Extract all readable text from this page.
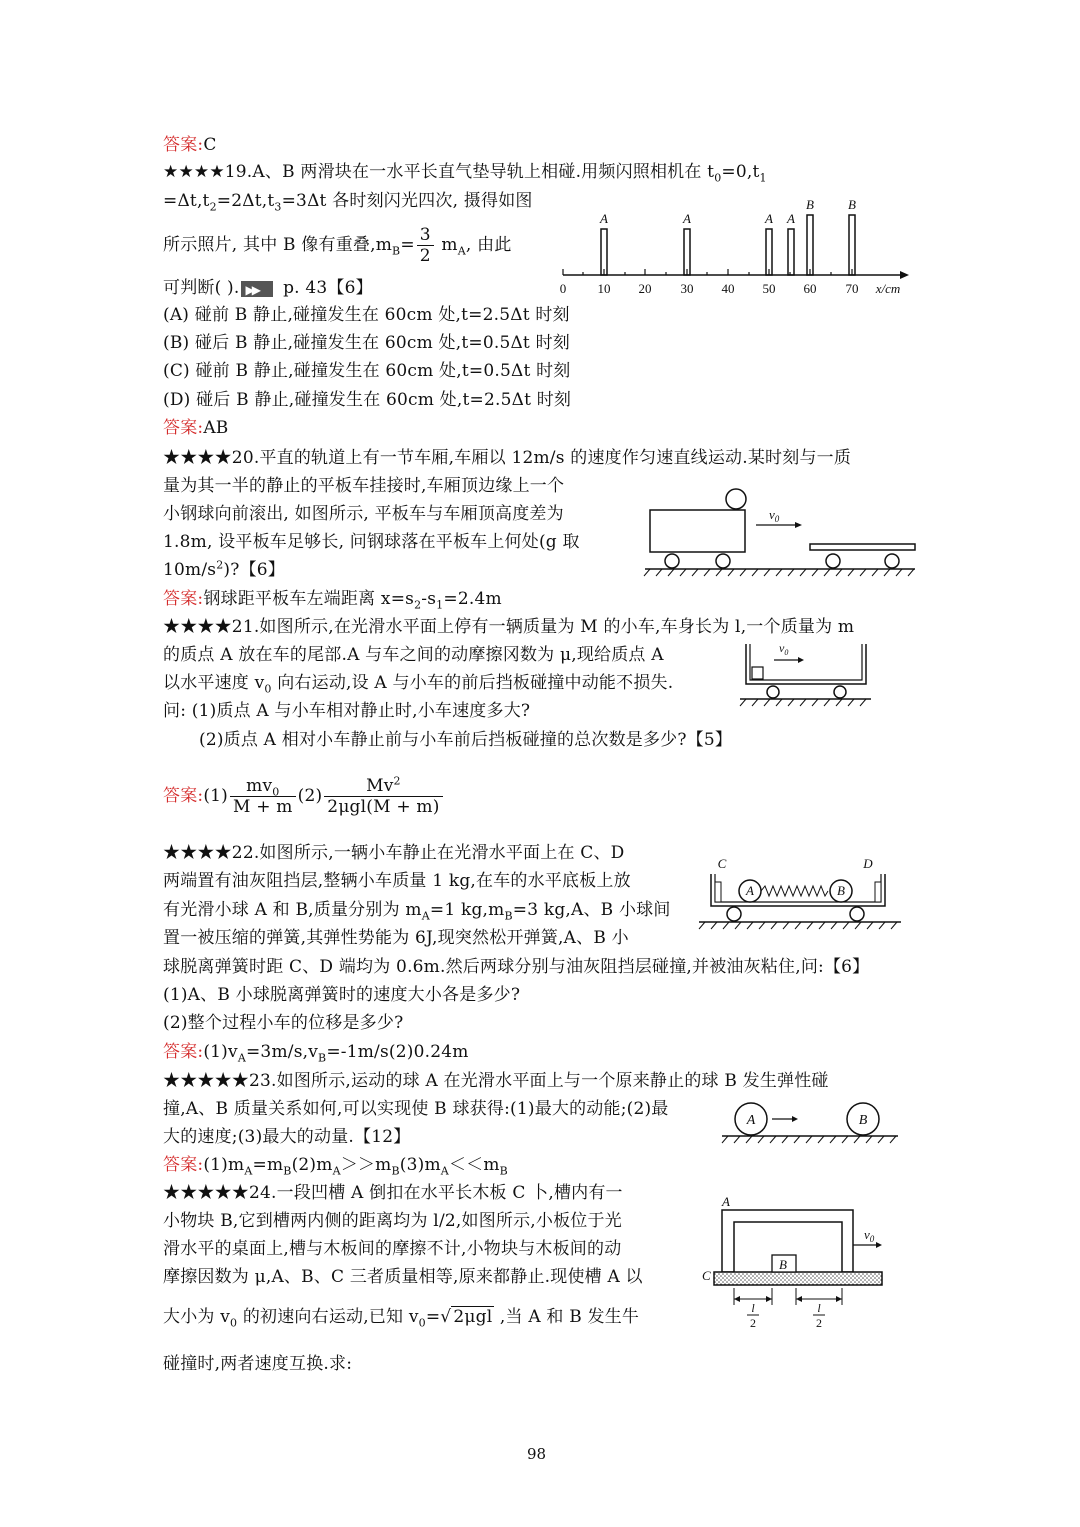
答案:C
★★★★19.A、B 两滑块在一水平长直气垫导轨上相碰.用频闪照相机在 $t_0=0,t_1$
$=\Delta t,t_2=2\Delta t,t_3=3\Delta t$ 各时刻闪光四次, 摄得如图
所示照片, 其中 B 像有重叠$,m_B= \frac{3}{2} m_A$, 由此
可判断( ).▶▶ p. 43【6】
(A) 碰前 B 静止,碰撞发生在 60cm 处,t=2.5Δt 时刻
(B) 碰后 B 静止,碰撞发生在 60cm 处,t=0.5Δt 时刻
(C) 碰前 B 静止,碰撞发生在 60cm 处,t=0.5Δt 时刻
(D) 碰后 B 静止,碰撞发生在 60cm 处,t=2.5Δt 时刻
答案:AB
A	A	A A
B	B
0 10 20 30 40 50 60 70 x/cm
★★★★20.平直的轨道上有一节车厢,车厢以 12m/s 的速度作匀速直线运动.某时刻与一质
量为其一半的静止的平板车挂接时,车厢顶边缘上一个
小钢球向前滚出, 如图所示, 平板车与车厢顶高度差为
1.8m, 设平板车足够长, 问钢球落在平板车上何处(g 取
$10m/s^2$)?【6】
答案:钢球距平板车左端距离 $x=s_2-s_1=2.4m$
$v_0$
★★★★21.如图所示,在光滑水平面上停有一辆质量为 M 的小车,车身长为 l,一个质量为 m
的质点 A 放在车的尾部.A 与车之间的动摩擦冈数为 μ,现给质点 A
以水平速度 $v_0$ 向右运动,设 A 与小车的前后挡板碰撞中动能不损失.
问: (1)质点 A 与小车相对静止时,小车速度多大?
(2)质点 A 相对小车静止前与小车前后挡板碰撞的总次数是多少?【5】
答案:(1) $\frac{mv_0}{M + m} (2) \frac{Mv^2}{\text{2μgl(M + m)}}$
$v_0$
★★★★22.如图所示,一辆小车静止在光滑水平面上在 C、D
两端置有油灰阻挡层,整辆小车质量 1 kg,在车的水平底板上放
有光滑小球 A 和 B,质量分别为 $m_A=1$ $kg,m_B=3$ kg,A、B 小球间
置一被压缩的弹簧,其弹性势能为 6J,现突然松开弹簧,A、B 小
球脱离弹簧时距 C、D 端均为 0.6m.然后两球分别与油灰阻挡层碰撞,并被油灰粘住,问:【6】
(1)A、B 小球脱离弹簧时的速度大小各是多少?
(2)整个过程小车的位移是多少?
答案$:(1)v_A=3m/s,v_B=-1m/s(2)0.24m$
A	B
C	D
★★★★★23.如图所示,运动的球 A 在光滑水平面上与一个原来静止的球 B 发生弹性碰
撞,A、B 质量关系如何,可以实现使 B 球获得:(1)最大的动能;(2)最
大的速度;(3)最大的动量.【12】
答案$:(1)m_A=m_B(2)m_A>>m_B(3)m_A<<m_B$
A	B
★★★★★24.一段凹槽 A 倒扣在水平长木板 C 卜,槽内有一
小物块 B,它到槽两内侧的距离均为 l/2,如图所示,小板位于光
滑水平的桌面上,槽与木板间的摩擦不计,小物块与木板间的动
摩擦因数为 μ,A、B、C 三者质量相等,原来都静止.现使槽 A 以
大小为 $v_0$ 的初速向右运动,已知 $v_0=√$ 2μgl ,当 A 和 B 发生牛
碰撞时,两者速度互换.求:
A
B
C
$v_0$
l
2
l
2
98
